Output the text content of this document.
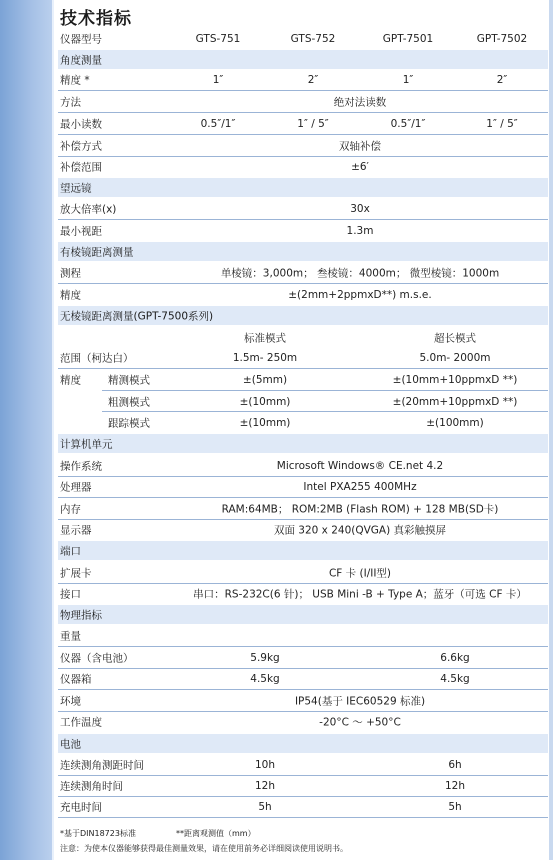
技术指标
仪器型号	GTS-751	GTS-752	GPT-7501	GPT-7502
角度测量
精度 *	1″	2″	1″	2″
方法	绝对法读数
最小读数	0.5″/1″	1″ / 5″	0.5″/1″	1″ / 5″
补偿方式	双轴补偿
补偿范围	±6′
望远镜
放大倍率(x)	30x
最小视距	1.3m
有棱镜距离测量
测程	单棱镜：3,000m； 叁棱镜：4000m； 微型棱镜：1000m
精度	±(2mm+2ppmxD**) m.s.e.
无棱镜距离测量(GPT-7500系列)
标准模式	超长模式
范围（柯达白）	1.5m- 250m	5.0m- 2000m
精度	精测模式	±(5mm)	±(10mm+10ppmxD **)
粗测模式	±(10mm)	±(20mm+10ppmxD **)
跟踪模式	±(10mm)	±(100mm)
计算机单元
操作系统	Microsoft Windows® CE.net 4.2
处理器	Intel PXA255 400MHz
内存	RAM:64MB； ROM:2MB (Flash ROM) + 128 MB(SD卡)
显示器	双面 320 x 240(QVGA) 真彩触摸屏
端口
扩展卡	CF 卡 (I/II型)
接口	串口：RS-232C(6 针)； USB Mini -B + Type A；蓝牙（可选 CF 卡）
物理指标
重量
仪器（含电池）	5.9kg	6.6kg
仪器箱	4.5kg	4.5kg
环境	IP54(基于 IEC60529 标准)
工作温度	-20°C ～ +50°C
电池
连续测角测距时间	10h	6h
连续测角时间	12h	12h
充电时间	5h	5h
*基于DIN18723标准	**距离观测值（mm）
注意：为使本仪器能够获得最佳测量效果，请在使用前务必详细阅读使用说明书。
